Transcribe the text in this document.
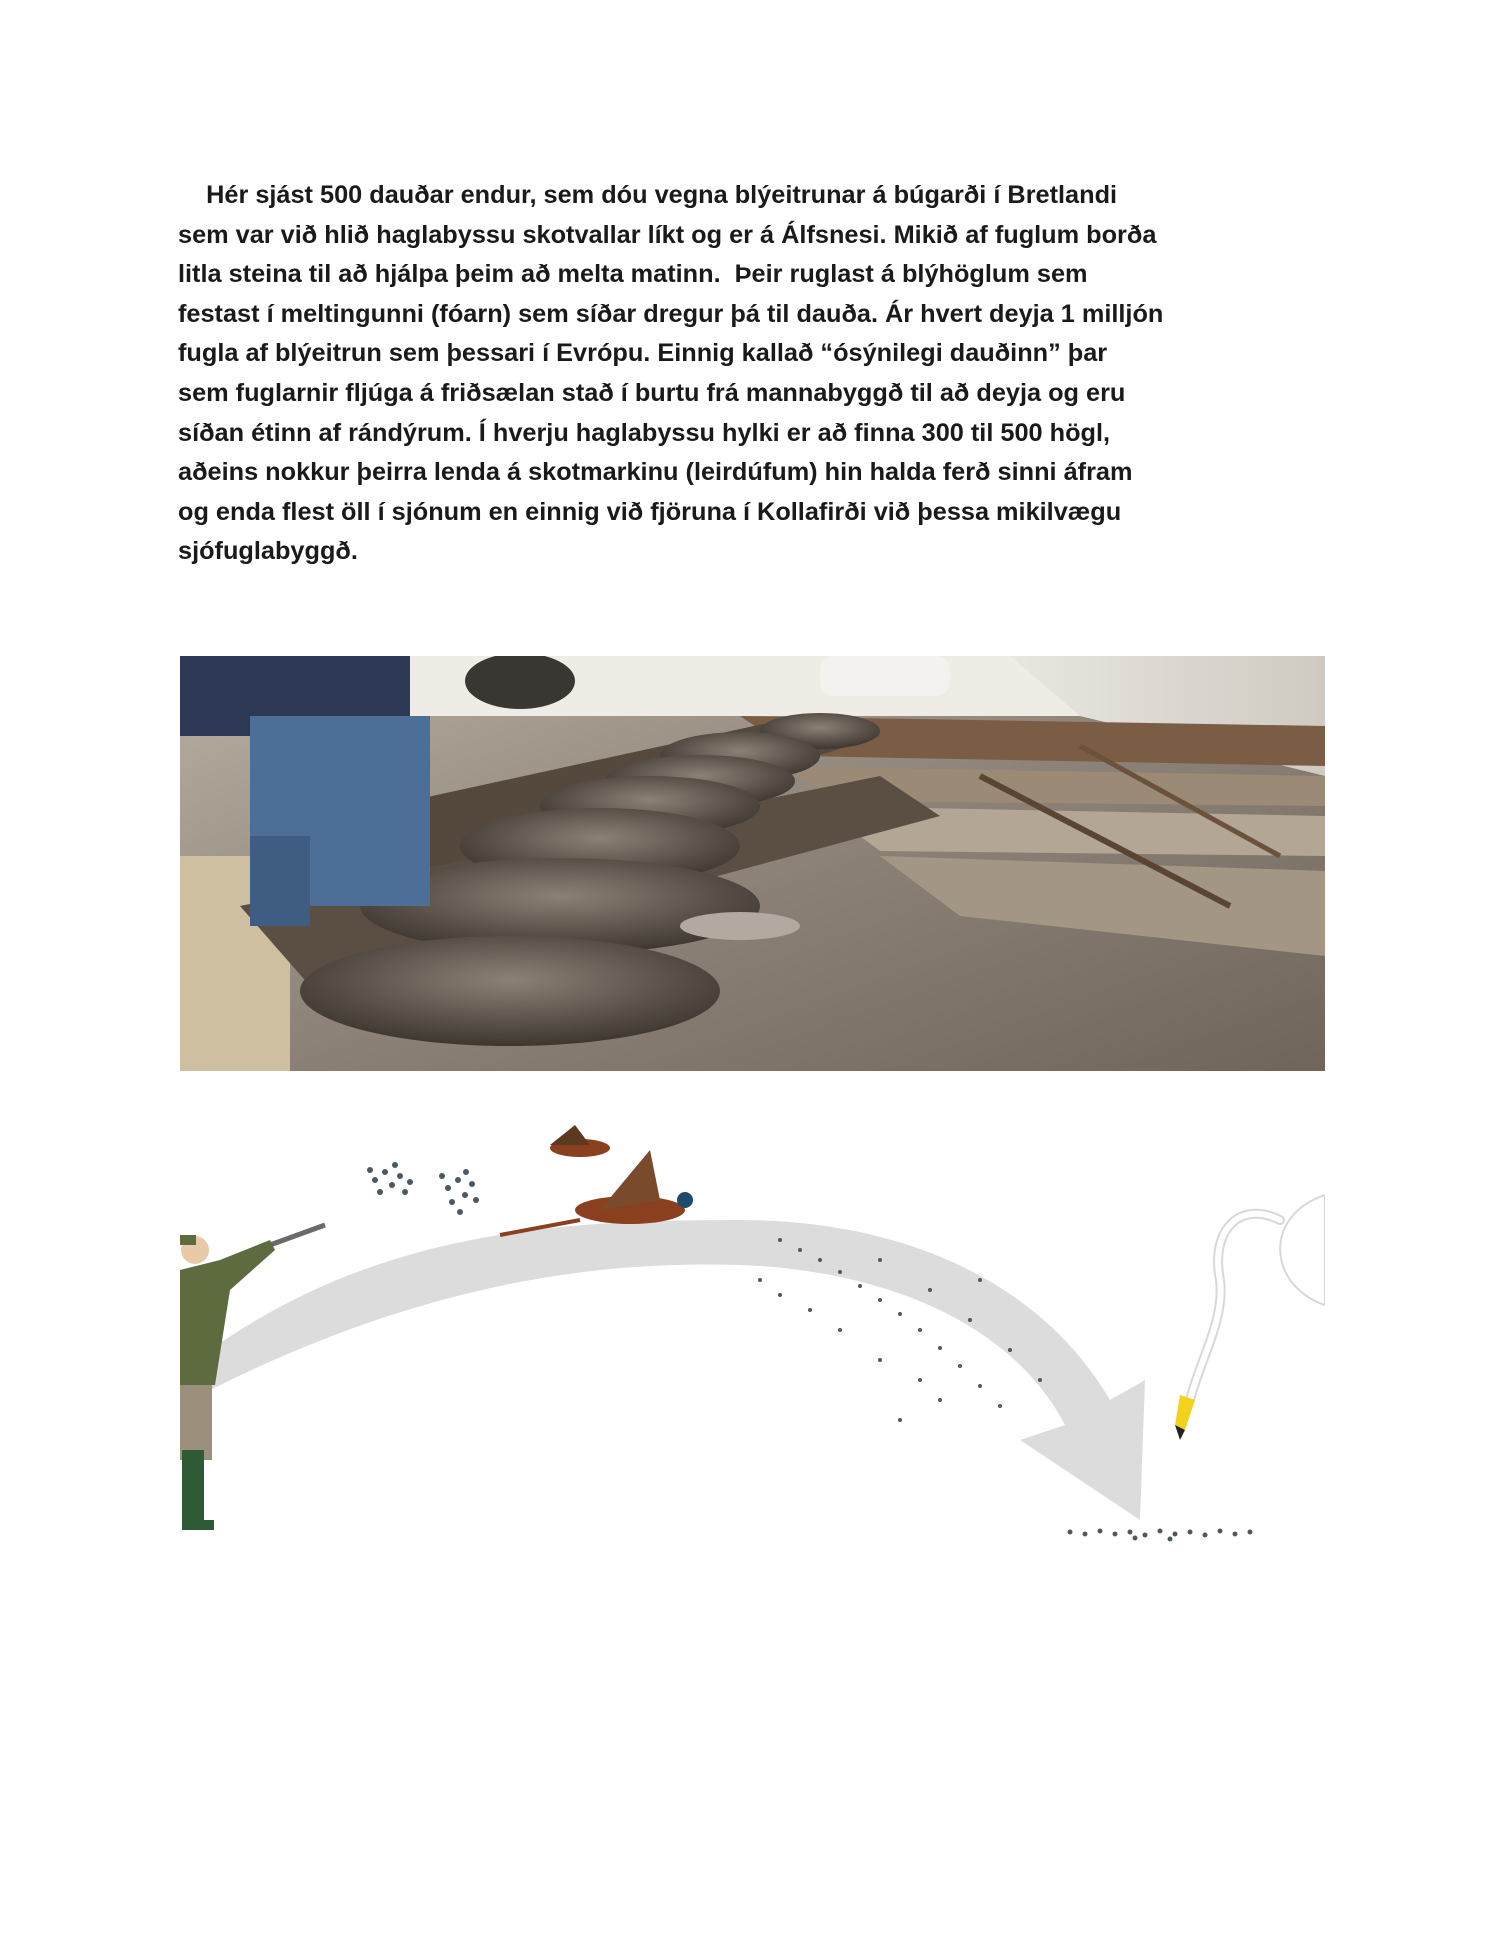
Hér sjást 500 dauðar endur, sem dóu vegna blýeitrunar á búgarði í Bretlandi
sem var við hlið haglabyssu skotvallar líkt og er á Álfsnesi. Mikið af fuglum borða
litla steina til að hjálpa þeim að melta matinn.  Þeir ruglast á blýhöglum sem
festast í meltingunni (fóarn) sem síðar dregur þá til dauða. Ár hvert deyja 1 milljón
fugla af blýeitrun sem þessari í Evrópu. Einnig kallað “ósýnilegi dauðinn” þar
sem fuglarnir fljúga á friðsælan stað í burtu frá mannabyggð til að deyja og eru
síðan étinn af rándýrum. Í hverju haglabyssu hylki er að finna 300 til 500 högl,
aðeins nokkur þeirra lenda á skotmarkinu (leirdúfum) hin halda ferð sinni áfram
og enda flest öll í sjónum en einnig við fjöruna í Kollafirði við þessa mikilvægu
sjófuglabyggð.
